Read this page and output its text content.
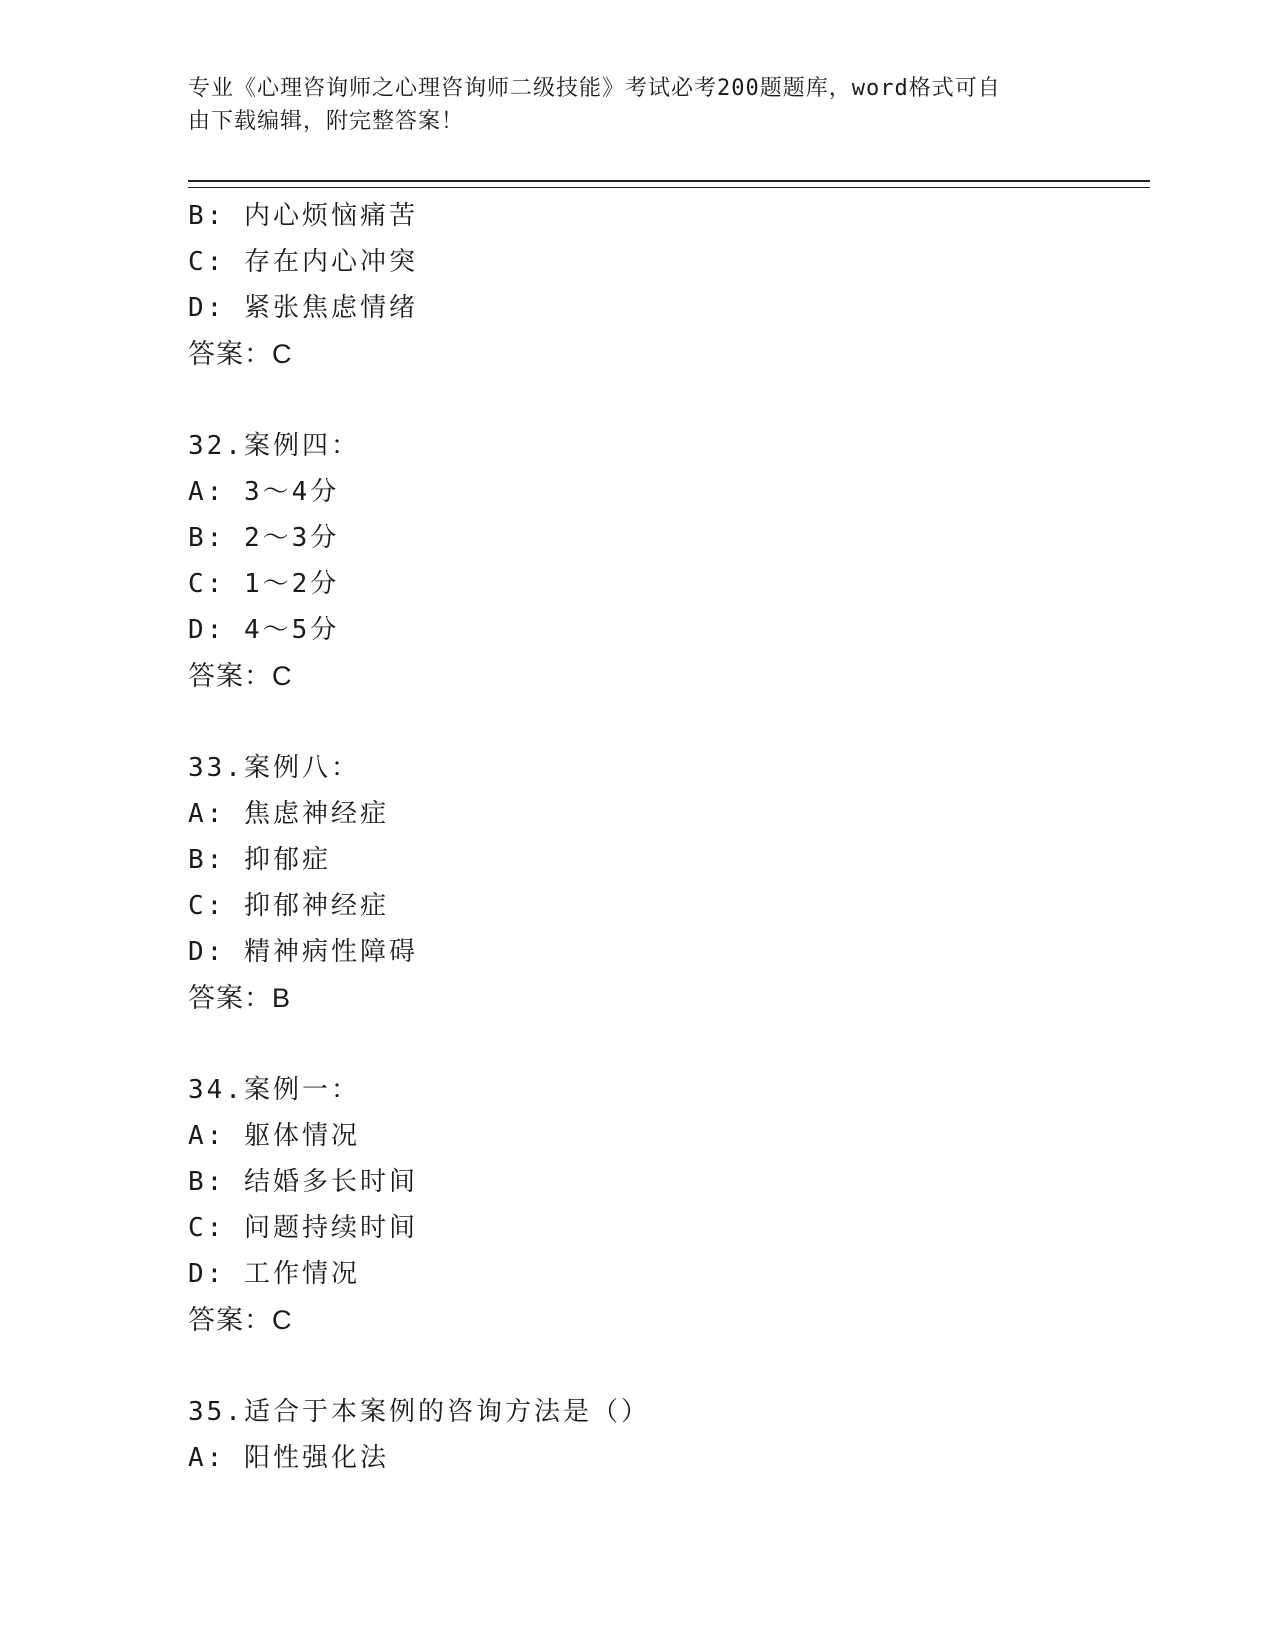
专业《心理咨询师之心理咨询师二级技能》考试必考200题题库，word格式可自
由下载编辑，附完整答案！
B: 内心烦恼痛苦
C: 存在内心冲突
D: 紧张焦虑情绪
答案：C
32.案例四：
A: 3～4分
B: 2～3分
C: 1～2分
D: 4～5分
答案：C
33.案例八：
A: 焦虑神经症
B: 抑郁症
C: 抑郁神经症
D: 精神病性障碍
答案：B
34.案例一：
A: 躯体情况
B: 结婚多长时间
C: 问题持续时间
D: 工作情况
答案：C
35.适合于本案例的咨询方法是（）
A: 阳性强化法
